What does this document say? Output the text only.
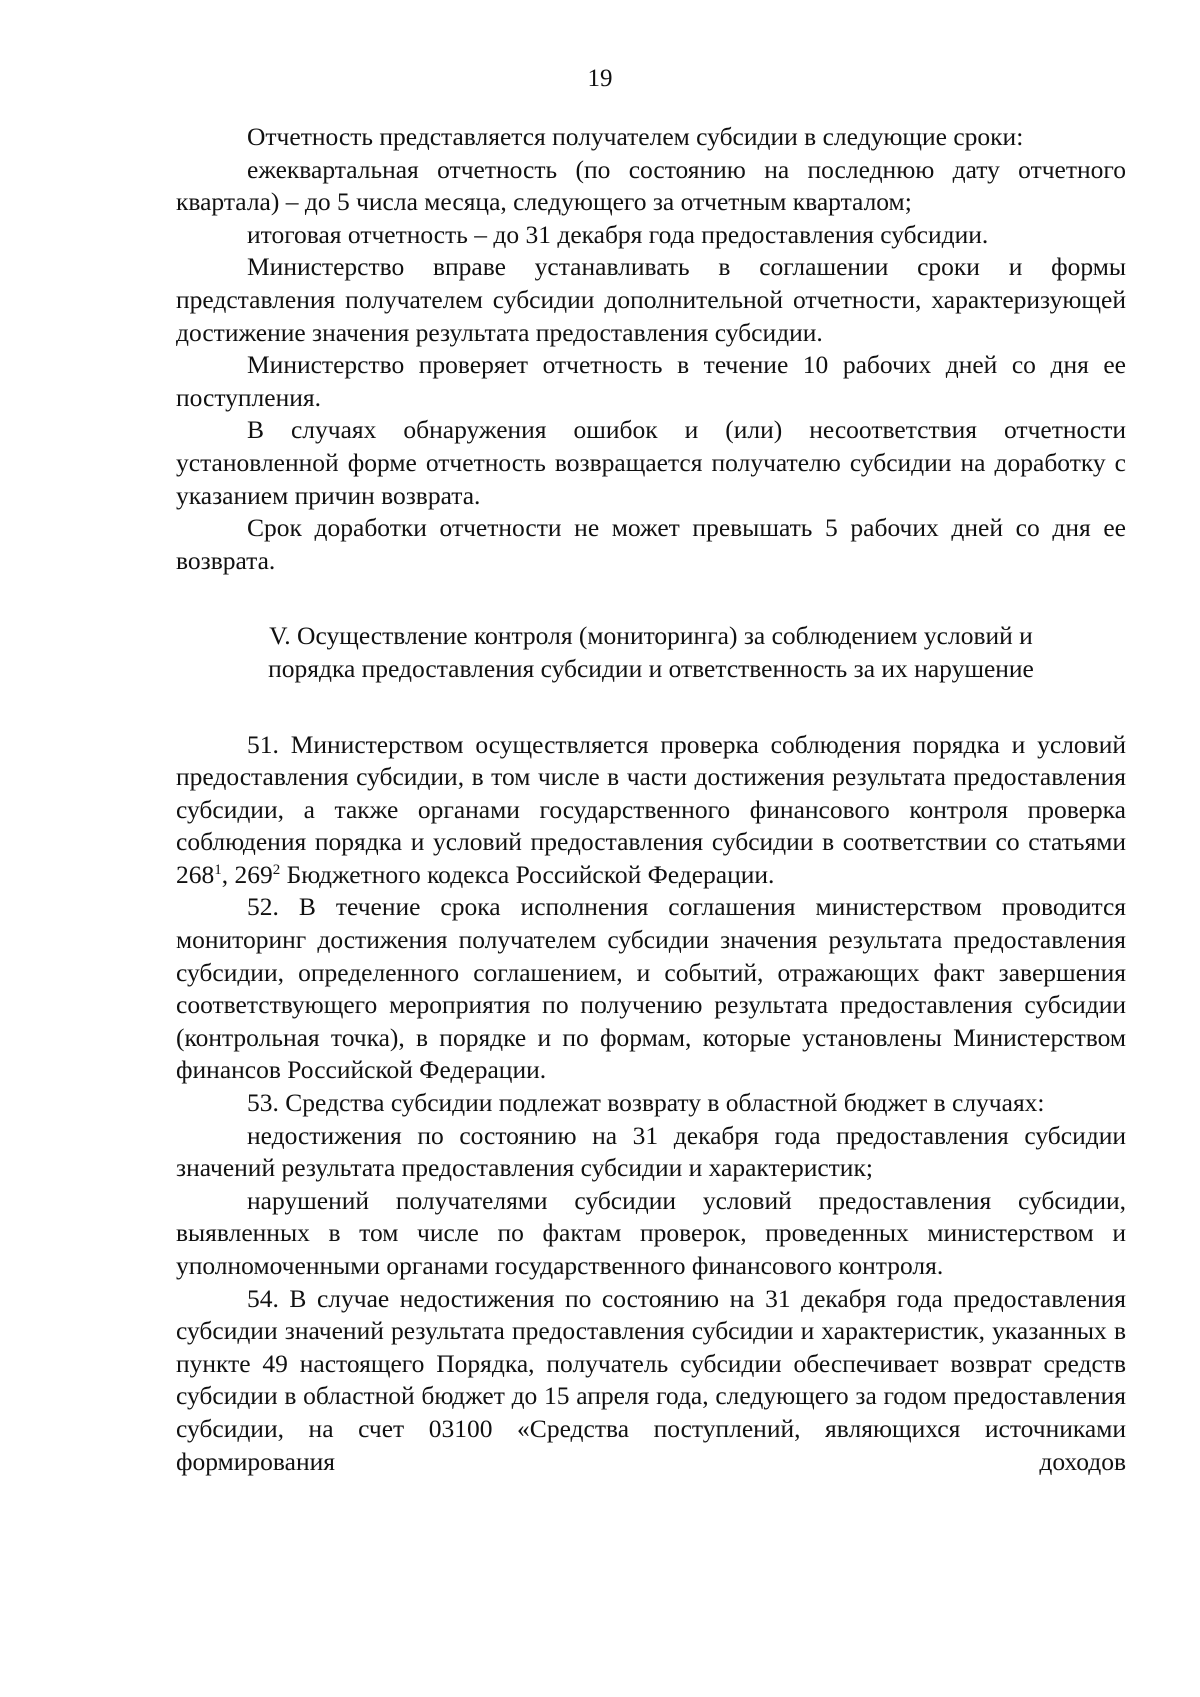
19

Отчетность представляется получателем субсидии в следующие сроки:

ежеквартальная отчетность (по состоянию на последнюю дату отчетного квартала) – до 5 числа месяца, следующего за отчетным кварталом;

итоговая отчетность – до 31 декабря года предоставления субсидии.

Министерство вправе устанавливать в соглашении сроки и формы представления получателем субсидии дополнительной отчетности, характеризующей достижение значения результата предоставления субсидии.

Министерство проверяет отчетность в течение 10 рабочих дней со дня ее поступления.

В случаях обнаружения ошибок и (или) несоответствия отчетности установленной форме отчетность возвращается получателю субсидии на доработку с указанием причин возврата.

Срок доработки отчетности не может превышать 5 рабочих дней со дня ее возврата.

V. Осуществление контроля (мониторинга) за соблюдением условий и
порядка предоставления субсидии и ответственность за их нарушение

51. Министерством осуществляется проверка соблюдения порядка и условий предоставления субсидии, в том числе в части достижения результата предоставления субсидии, а также органами государственного финансового контроля проверка соблюдения порядка и условий предоставления субсидии в соответствии со статьями $268^1$, $269^2$ Бюджетного кодекса Российской Федерации.

52. В течение срока исполнения соглашения министерством проводится мониторинг достижения получателем субсидии значения результата предоставления субсидии, определенного соглашением, и событий, отражающих факт завершения соответствующего мероприятия по получению результата предоставления субсидии (контрольная точка), в порядке и по формам, которые установлены Министерством финансов Российской Федерации.

53. Средства субсидии подлежат возврату в областной бюджет в случаях:

недостижения по состоянию на 31 декабря года предоставления субсидии значений результата предоставления субсидии и характеристик;

нарушений получателями субсидии условий предоставления субсидии, выявленных в том числе по фактам проверок, проведенных министерством и уполномоченными органами государственного финансового контроля.

54. В случае недостижения по состоянию на 31 декабря года предоставления субсидии значений результата предоставления субсидии и характеристик, указанных в пункте 49 настоящего Порядка, получатель субсидии обеспечивает возврат средств субсидии в областной бюджет до 15 апреля года, следующего за годом предоставления субсидии, на счет 03100 «Средства поступлений, являющихся источниками формирования доходов
